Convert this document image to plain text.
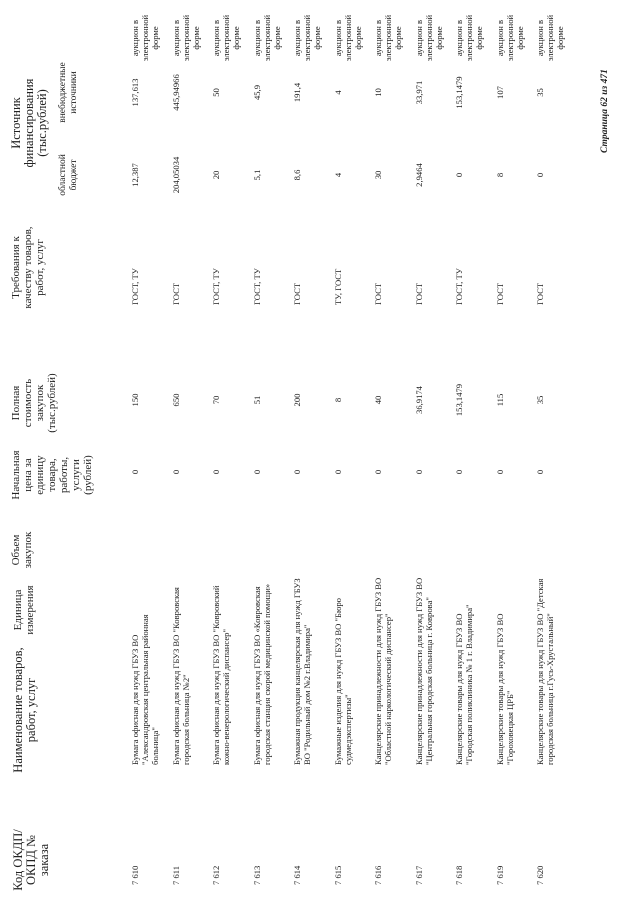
Код ОКДП/ ОКПД № заказа
Наименование товаров, работ, услуг
Единица измерения
Объем закупок
Начальная цена за единицу товара, работы, услуги (рублей)
Полная стоимость закупок (тыс.рублей)
Требования к качеству товаров, работ, услуг
Источник финансирования (тыс.рублей)
областной бюджет
внебюджетные источники
7 610
Бумага офисная для нужд ГБУЗ ВО "Александровская центральная районная больница"
0
150
ГОСТ, ТУ
12,387
137,613
аукцион в электронной форме
7 611
Бумага офисная для нужд ГБУЗ ВО "Ковровская городская больница №2"
0
650
ГОСТ
204,05034
445,94966
аукцион в электронной форме
7 612
Бумага офисная для нужд ГБУЗ ВО "Ковровский кожно-венерологический диспансер"
0
70
ГОСТ, ТУ
20
50
аукцион в электронной форме
7 613
Бумага офисная для нужд ГБУЗ ВО «Ковровская городская станция скорой медицинской помощи»
0
51
ГОСТ, ТУ
5,1
45,9
аукцион в электронной форме
7 614
Бумажная продукция канцелярская для нужд ГБУЗ ВО "Родильный дом №2 г.Владимира"
0
200
ГОСТ
8,6
191,4
аукцион в электронной форме
7 615
Бумажные изделия для нужд ГБУЗ ВО "Бюро судмедэкспертизы"
0
8
ТУ, ГОСТ
4
4
аукцион в электронной форме
7 616
Канцелярские принадлежности для нужд ГБУЗ ВО "Областной наркологический диспансер"
0
40
ГОСТ
30
10
аукцион в электронной форме
7 617
Канцелярские принадлежности для нужд ГБУЗ ВО "Центральная городская больница г. Коврова"
0
36,9174
ГОСТ
2,9464
33,971
аукцион в электронной форме
7 618
Канцелярские товары для нужд ГБУЗ ВО "Городская поликлиника № 1 г. Владимира"
0
153,1479
ГОСТ, ТУ
0
153,1479
аукцион в электронной форме
7 619
Канцелярские товары для нужд ГБУЗ ВО "Гороховецкая ЦРБ"
0
115
ГОСТ
8
107
аукцион в электронной форме
7 620
Канцелярские товары для нужд ГБУЗ ВО "Детская городская больница г.Гусь-Хрустальный"
0
35
ГОСТ
0
35
аукцион в электронной форме
Страница 62 из 471
